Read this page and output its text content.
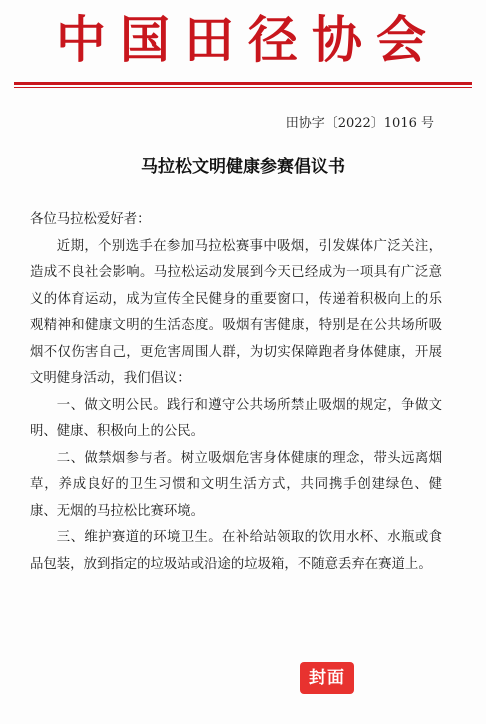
中国田径协会
田协字〔2022〕1016 号
马拉松文明健康参赛倡议书

各位马拉松爱好者：

近期，个别选手在参加马拉松赛事中吸烟，引发媒体广泛关注，造成不良社会影响。马拉松运动发展到今天已经成为一项具有广泛意义的体育运动，成为宣传全民健身的重要窗口，传递着积极向上的乐观精神和健康文明的生活态度。吸烟有害健康，特别是在公共场所吸烟不仅伤害自己，更危害周围人群，为切实保障跑者身体健康，开展文明健身活动，我们倡议：

一、做文明公民。践行和遵守公共场所禁止吸烟的规定，争做文明、健康、积极向上的公民。

二、做禁烟参与者。树立吸烟危害身体健康的理念，带头远离烟草，养成良好的卫生习惯和文明生活方式，共同携手创建绿色、健康、无烟的马拉松比赛环境。

三、维护赛道的环境卫生。在补给站领取的饮用水杯、水瓶或食品包装，放到指定的垃圾站或沿途的垃圾箱，不随意丢弃在赛道上。

封面
